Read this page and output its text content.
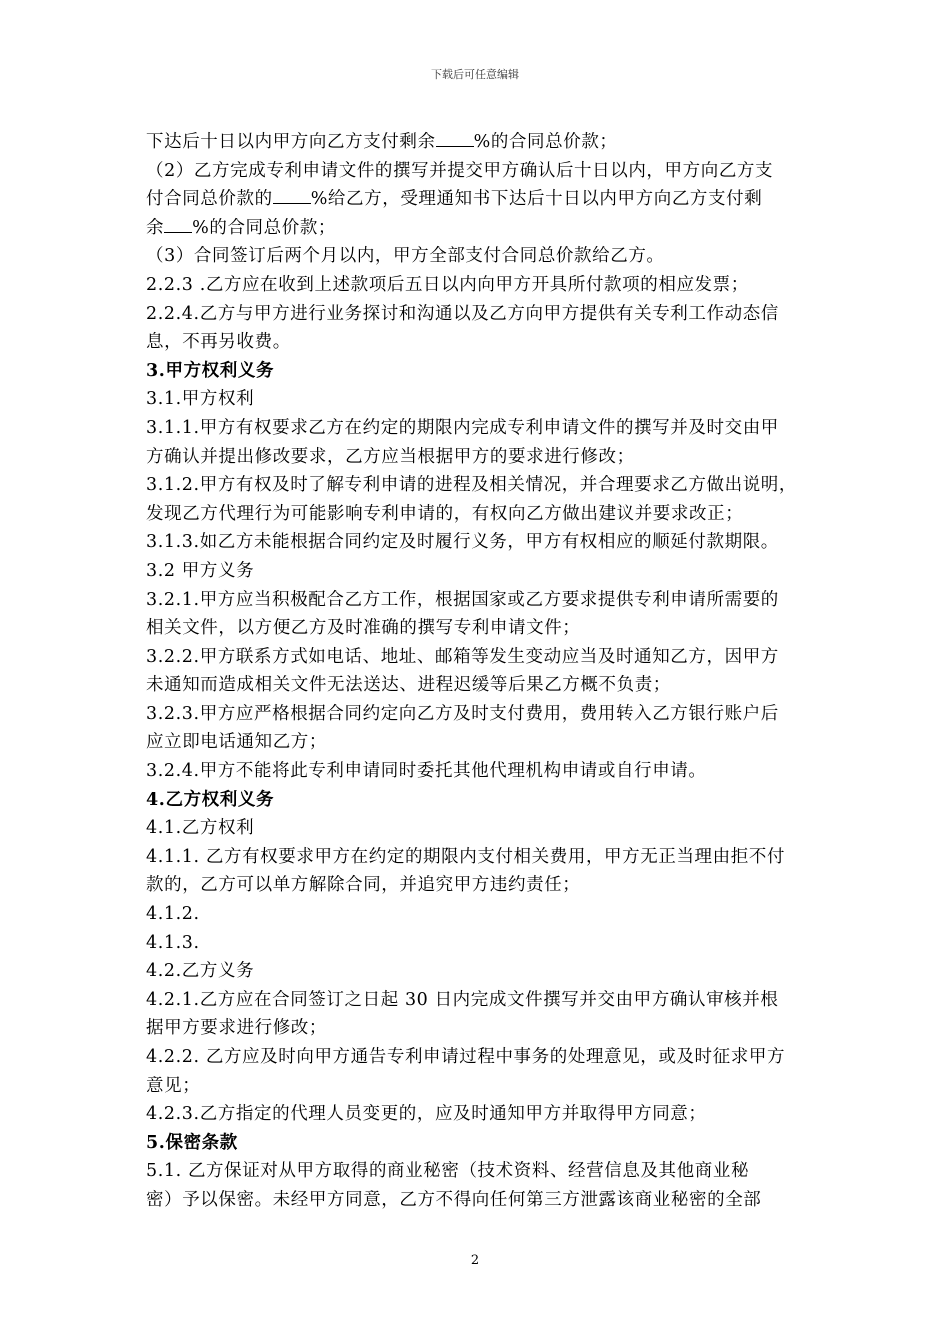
下载后可任意编辑
下达后十日以内甲方向乙方支付剩余 %的合同总价款；
（2）乙方完成专利申请文件的撰写并提交甲方确认后十日以内，甲方向乙方支
付合同总价款的 %给乙方，受理通知书下达后十日以内甲方向乙方支付剩
余 %的合同总价款；
（3）合同签订后两个月以内，甲方全部支付合同总价款给乙方。
2.2.3 .乙方应在收到上述款项后五日以内向甲方开具所付款项的相应发票；
2.2.4.乙方与甲方进行业务探讨和沟通以及乙方向甲方提供有关专利工作动态信
息，不再另收费。
3.甲方权利义务
3.1.甲方权利
3.1.1.甲方有权要求乙方在约定的期限内完成专利申请文件的撰写并及时交由甲
方确认并提出修改要求，乙方应当根据甲方的要求进行修改；
3.1.2.甲方有权及时了解专利申请的进程及相关情况，并合理要求乙方做出说明，
发现乙方代理行为可能影响专利申请的，有权向乙方做出建议并要求改正；
3.1.3.如乙方未能根据合同约定及时履行义务，甲方有权相应的顺延付款期限。
3.2 甲方义务
3.2.1.甲方应当积极配合乙方工作，根据国家或乙方要求提供专利申请所需要的
相关文件，以方便乙方及时准确的撰写专利申请文件；
3.2.2.甲方联系方式如电话、地址、邮箱等发生变动应当及时通知乙方，因甲方
未通知而造成相关文件无法送达、进程迟缓等后果乙方概不负责；
3.2.3.甲方应严格根据合同约定向乙方及时支付费用，费用转入乙方银行账户后
应立即电话通知乙方；
3.2.4.甲方不能将此专利申请同时委托其他代理机构申请或自行申请。
4.乙方权利义务
4.1.乙方权利
4.1.1. 乙方有权要求甲方在约定的期限内支付相关费用，甲方无正当理由拒不付
款的，乙方可以单方解除合同，并追究甲方违约责任；
4.1.2.
4.1.3.
4.2.乙方义务
4.2.1.乙方应在合同签订之日起 30 日内完成文件撰写并交由甲方确认审核并根
据甲方要求进行修改；
4.2.2. 乙方应及时向甲方通告专利申请过程中事务的处理意见，或及时征求甲方
意见；
4.2.3.乙方指定的代理人员变更的，应及时通知甲方并取得甲方同意；
5.保密条款
5.1. 乙方保证对从甲方取得的商业秘密（技术资料、经营信息及其他商业秘
密）予以保密。未经甲方同意，乙方不得向任何第三方泄露该商业秘密的全部
2
